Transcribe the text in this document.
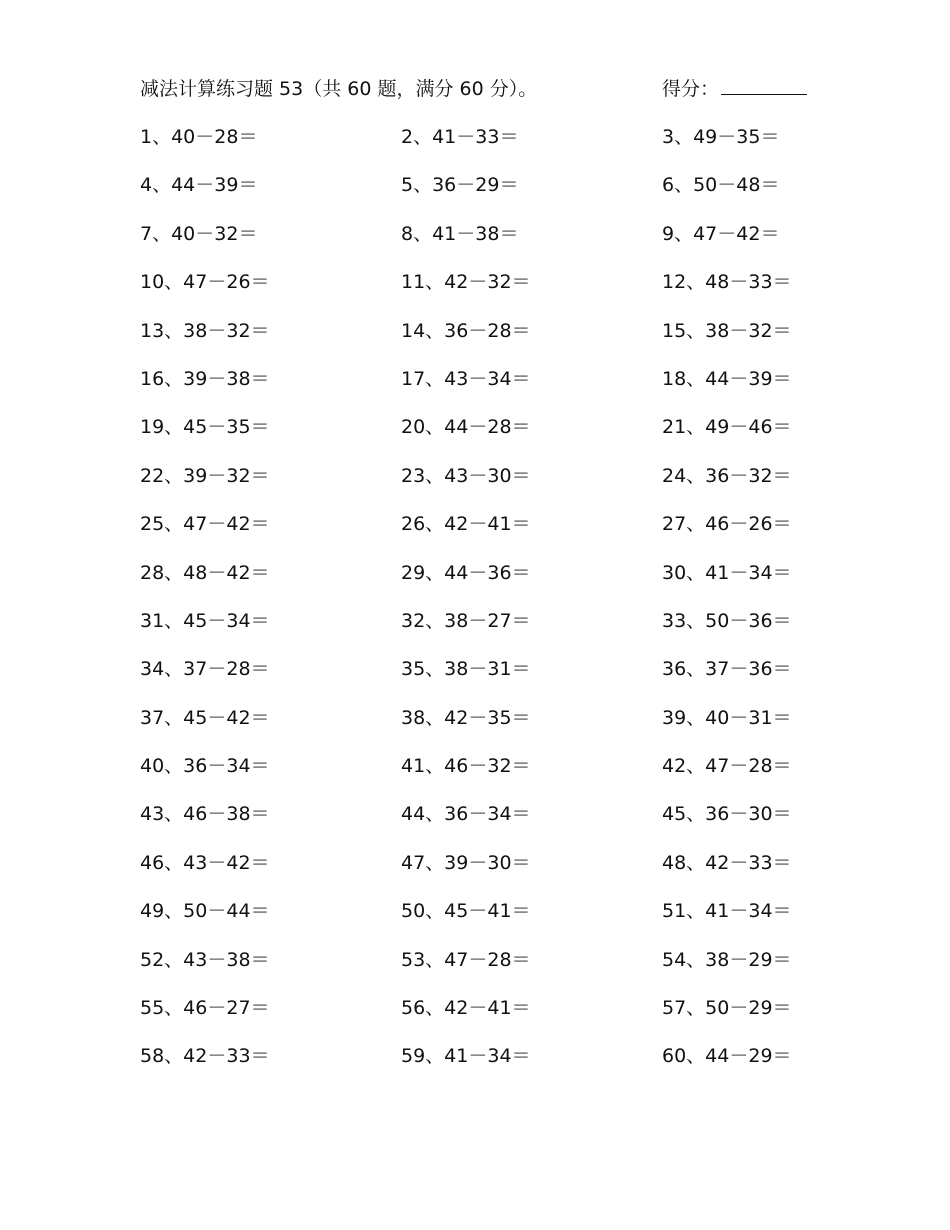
减法计算练习题 53（共 60 题，满分 60 分）。	得分：
1、40－28＝	2、41－33＝	3、49－35＝
4、44－39＝	5、36－29＝	6、50－48＝
7、40－32＝	8、41－38＝	9、47－42＝
10、47－26＝	11、42－32＝	12、48－33＝
13、38－32＝	14、36－28＝	15、38－32＝
16、39－38＝	17、43－34＝	18、44－39＝
19、45－35＝	20、44－28＝	21、49－46＝
22、39－32＝	23、43－30＝	24、36－32＝
25、47－42＝	26、42－41＝	27、46－26＝
28、48－42＝	29、44－36＝	30、41－34＝
31、45－34＝	32、38－27＝	33、50－36＝
34、37－28＝	35、38－31＝	36、37－36＝
37、45－42＝	38、42－35＝	39、40－31＝
40、36－34＝	41、46－32＝	42、47－28＝
43、46－38＝	44、36－34＝	45、36－30＝
46、43－42＝	47、39－30＝	48、42－33＝
49、50－44＝	50、45－41＝	51、41－34＝
52、43－38＝	53、47－28＝	54、38－29＝
55、46－27＝	56、42－41＝	57、50－29＝
58、42－33＝	59、41－34＝	60、44－29＝
